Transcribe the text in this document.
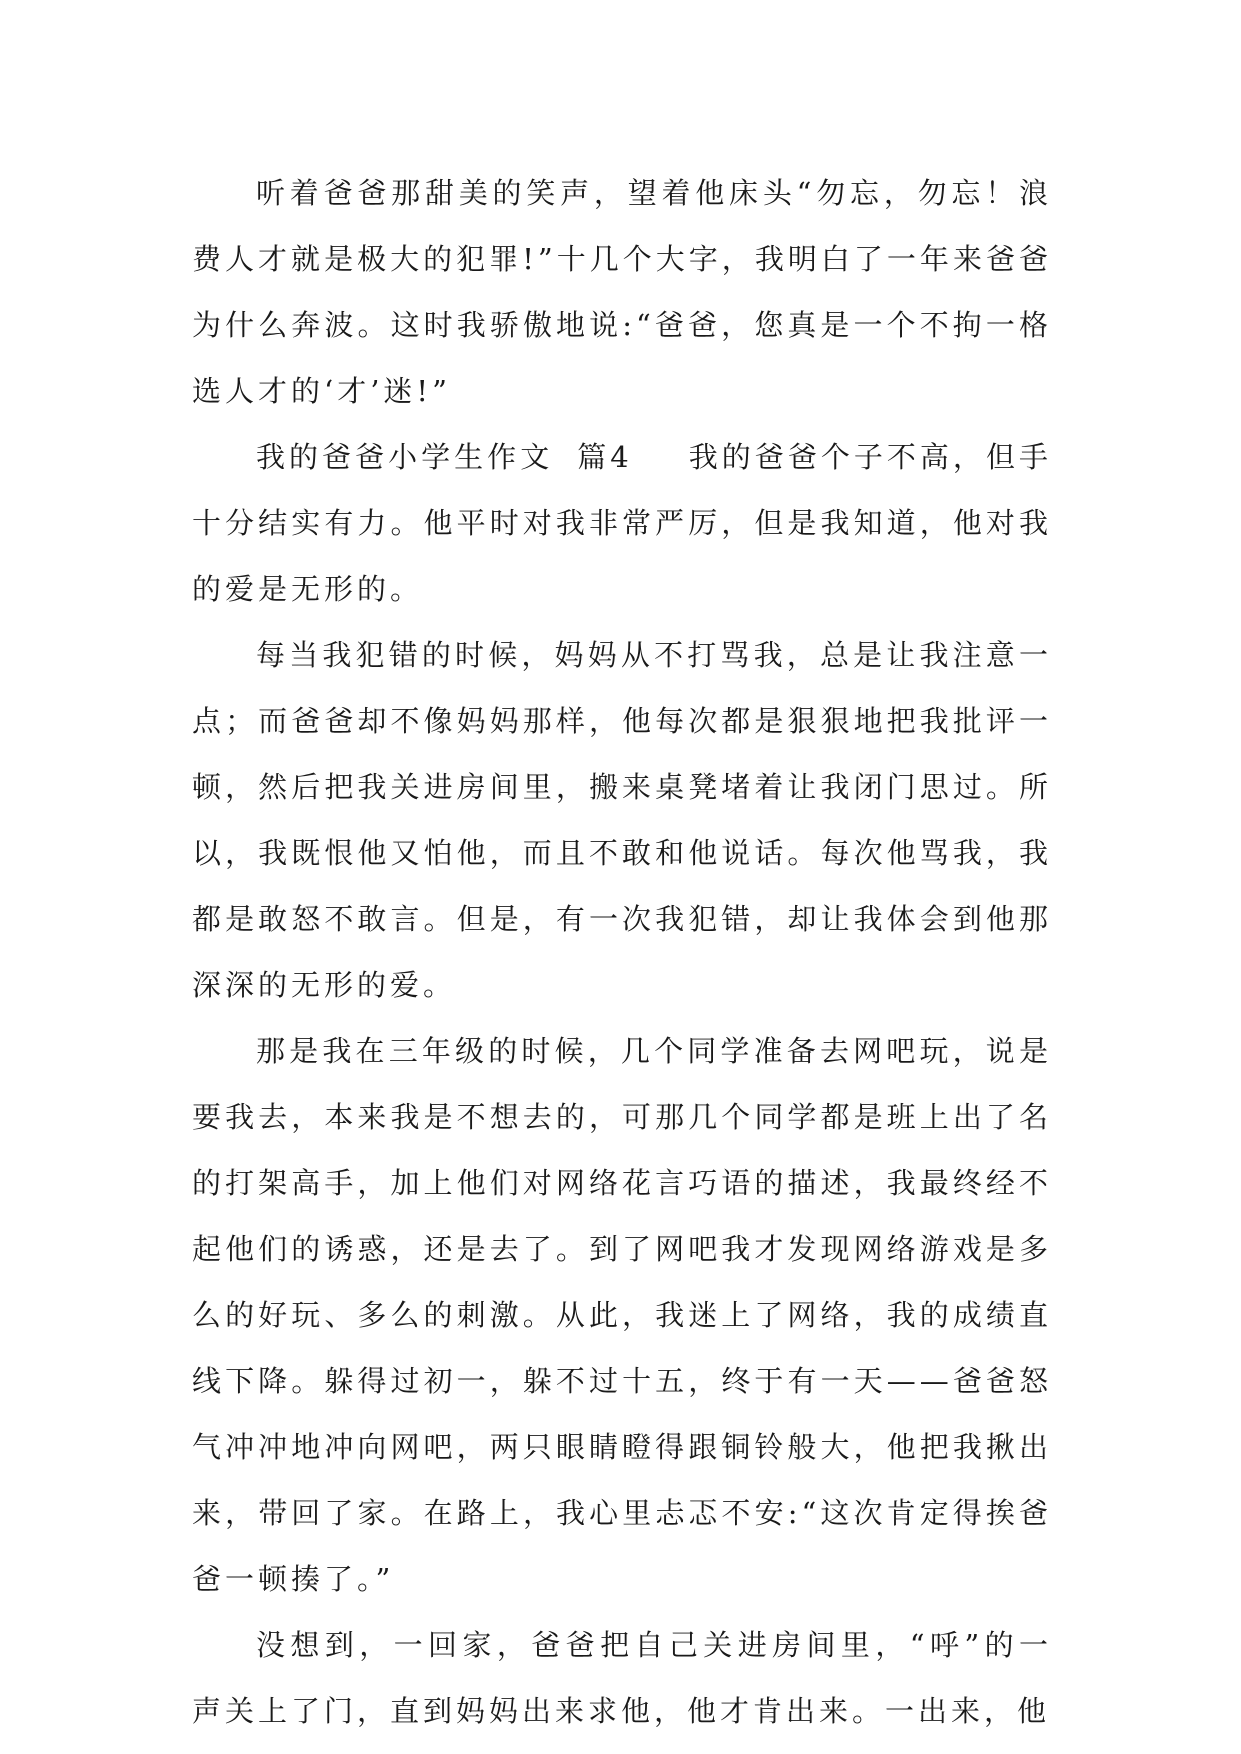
听着爸爸那甜美的笑声，望着他床头“勿忘，勿忘！浪费人才就是极大的犯罪!”十几个大字，我明白了一年来爸爸为什么奔波。这时我骄傲地说:“爸爸，您真是一个不拘一格选人才的‘才’迷!”

我的爸爸小学生作文 篇4 我的爸爸个子不高，但手十分结实有力。他平时对我非常严厉，但是我知道，他对我的爱是无形的。

每当我犯错的时候，妈妈从不打骂我，总是让我注意一点；而爸爸却不像妈妈那样，他每次都是狠狠地把我批评一顿，然后把我关进房间里，搬来桌凳堵着让我闭门思过。所以，我既恨他又怕他，而且不敢和他说话。每次他骂我，我都是敢怒不敢言。但是，有一次我犯错，却让我体会到他那深深的无形的爱。

那是我在三年级的时候，几个同学准备去网吧玩，说是要我去，本来我是不想去的，可那几个同学都是班上出了名的打架高手，加上他们对网络花言巧语的描述，我最终经不起他们的诱惑，还是去了。到了网吧我才发现网络游戏是多么的好玩、多么的刺激。从此，我迷上了网络，我的成绩直线下降。躲得过初一，躲不过十五，终于有一天——爸爸怒气冲冲地冲向网吧，两只眼睛瞪得跟铜铃般大，他把我揪出来，带回了家。在路上，我心里忐忑不安:“这次肯定得挨爸爸一顿揍了。”

没想到，一回家，爸爸把自己关进房间里，“呼”的一声关上了门，直到妈妈出来求他，他才肯出来。一出来，他
